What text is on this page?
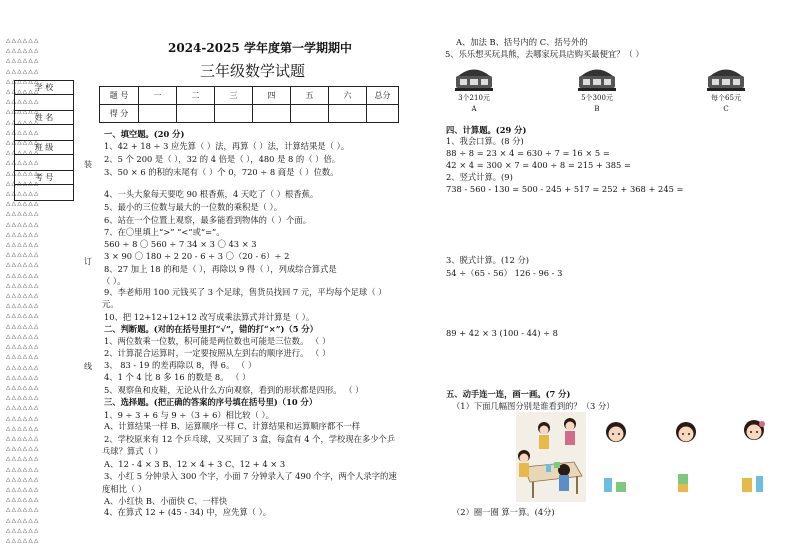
△△△△△△
△△△△△△
△△△△△△
△△△△△△
△△△△△△
△△△△△△
△△△△△△
△△△△△△
△△△△△△
△△△△△△
△△△△△△
△△△△△△
△△△△△△
△△△△△△
△△△△△△
△△△△△△
△△△△△△
△△△△△△
△△△△△△
△△△△△△
△△△△△△
△△△△△△
△△△△△△
△△△△△△
△△△△△△
△△△△△△
△△△△△△
△△△△△△
△△△△△△
△△△△△△
△△△△△△
△△△△△△
△△△△△△
△△△△△△
△△△△△△
△△△△△△
△△△△△△
△△△△△△
△△△△△△
△△△△△△
△△△△△△
△△△△△△
△△△△△△
△△△△△△
△△△△△△
△△△△△△
△△△△△△
△△△△△△
△△△△△△
△△△△△△
学 校
姓 名
班 级
考 号
装
订
线
2024-2025 学年度第一学期期中
三年级数学试题
题 号	一	二	三	四	五	六	总分
得 分							
一、填空题。(20 分)
1、42 + 18 ÷ 3 应先算（ ）法，再算（ ）法，计算结果是（ ）。
2、5 个 200 是（ ），32 的 4 倍是（ ），480 是 8 的（ ）倍。
3、50 × 6 的积的末尾有（ ）个 0，720 ÷ 8 商是（ ）位数。
4、一头大象每天要吃 90 根香蕉，4 天吃了（ ）根香蕉。
5、最小的三位数与最大的一位数的乘积是（ ）。
6、站在一个位置上观察，最多能看到物体的（ ）个面。
7、在〇里填上“>” “<”或“=”。
560 ÷ 8 〇 560 ÷ 7 34 × 3 〇 43 × 3
3 × 90 〇 180 ÷ 2 20 - 6 ÷ 3 〇（20 - 6）÷ 2
8、27 加上 18 的和是（ ），再除以 9 得（ ），列成综合算式是
（ ）。
9、李老师用 100 元钱买了 3 个足球，售货员找回 7 元，平均每个足球（ ）
元。
10、把 12+12+12+12 改写成乘法算式并计算是（ ）。
二、判断题。(对的在括号里打“√”，错的打“×”)（5 分）
1、两位数乘一位数，积可能是两位数也可能是三位数。 （ ）
2、计算混合运算时，一定要按照从左到右的顺序进行。 （ ）
3、 83 - 19 的差再除以 8，得 6。 （ ）
4、1 个 4 比 8 多 16 的数是 8。 （ ）
5、观察鱼和皮鞋，无论从什么方向观察，看到的形状都是四形。 （ ）
三、选择题。(把正确的答案的序号填在括号里)（10 分）
1、9 ÷ 3 + 6 与 9 ÷（3 + 6）相比较（ ）。
A、计算结果一样 B、运算顺序一样 C、计算结果和运算顺序都不一样
2、学校原来有 12 个乒乓球，又买回了 3 盒，每盒有 4 个，学校现在多少个乒
乓球？算式（ ）
A、12 - 4 × 3 B、12 × 4 + 3 C、12 + 4 × 3
3、小红 5 分钟录入 300 个字，小面 7 分钟录入了 490 个字，两个人录字的速
度相比（ ）
A、小红快 B、小面快 C、一样快
4、在算式 12 + (45 - 34) 中，应先算（ ）。
A、加法 B、括号内的 C、括号外的
5、乐乐想买玩具熊，去哪家玩具店购买最便宜？（ ）
3个210元
A
5个300元
B
每个65元
C
四、计算题。(29 分)
1、我会口算。(8 分)
88 ÷ 8 = 23 × 4 = 630 ÷ 7 = 16 × 5 =
42 × 4 = 300 × 7 = 400 ÷ 8 = 215 + 385 =
2、竖式计算。(9)
738 - 560 - 130 = 500 - 245 + 517 = 252 + 368 + 245 =
3、脱式计算。(12 分)
54 ÷（65 - 56） 126 - 96 - 3
89 + 42 × 3 (100 - 44) ÷ 8
五、动手连一连，画一画。(7 分)
（1）下面几幅图分别是谁看到的？（3 分）
（2）圈一圈 算一算。(4分)
